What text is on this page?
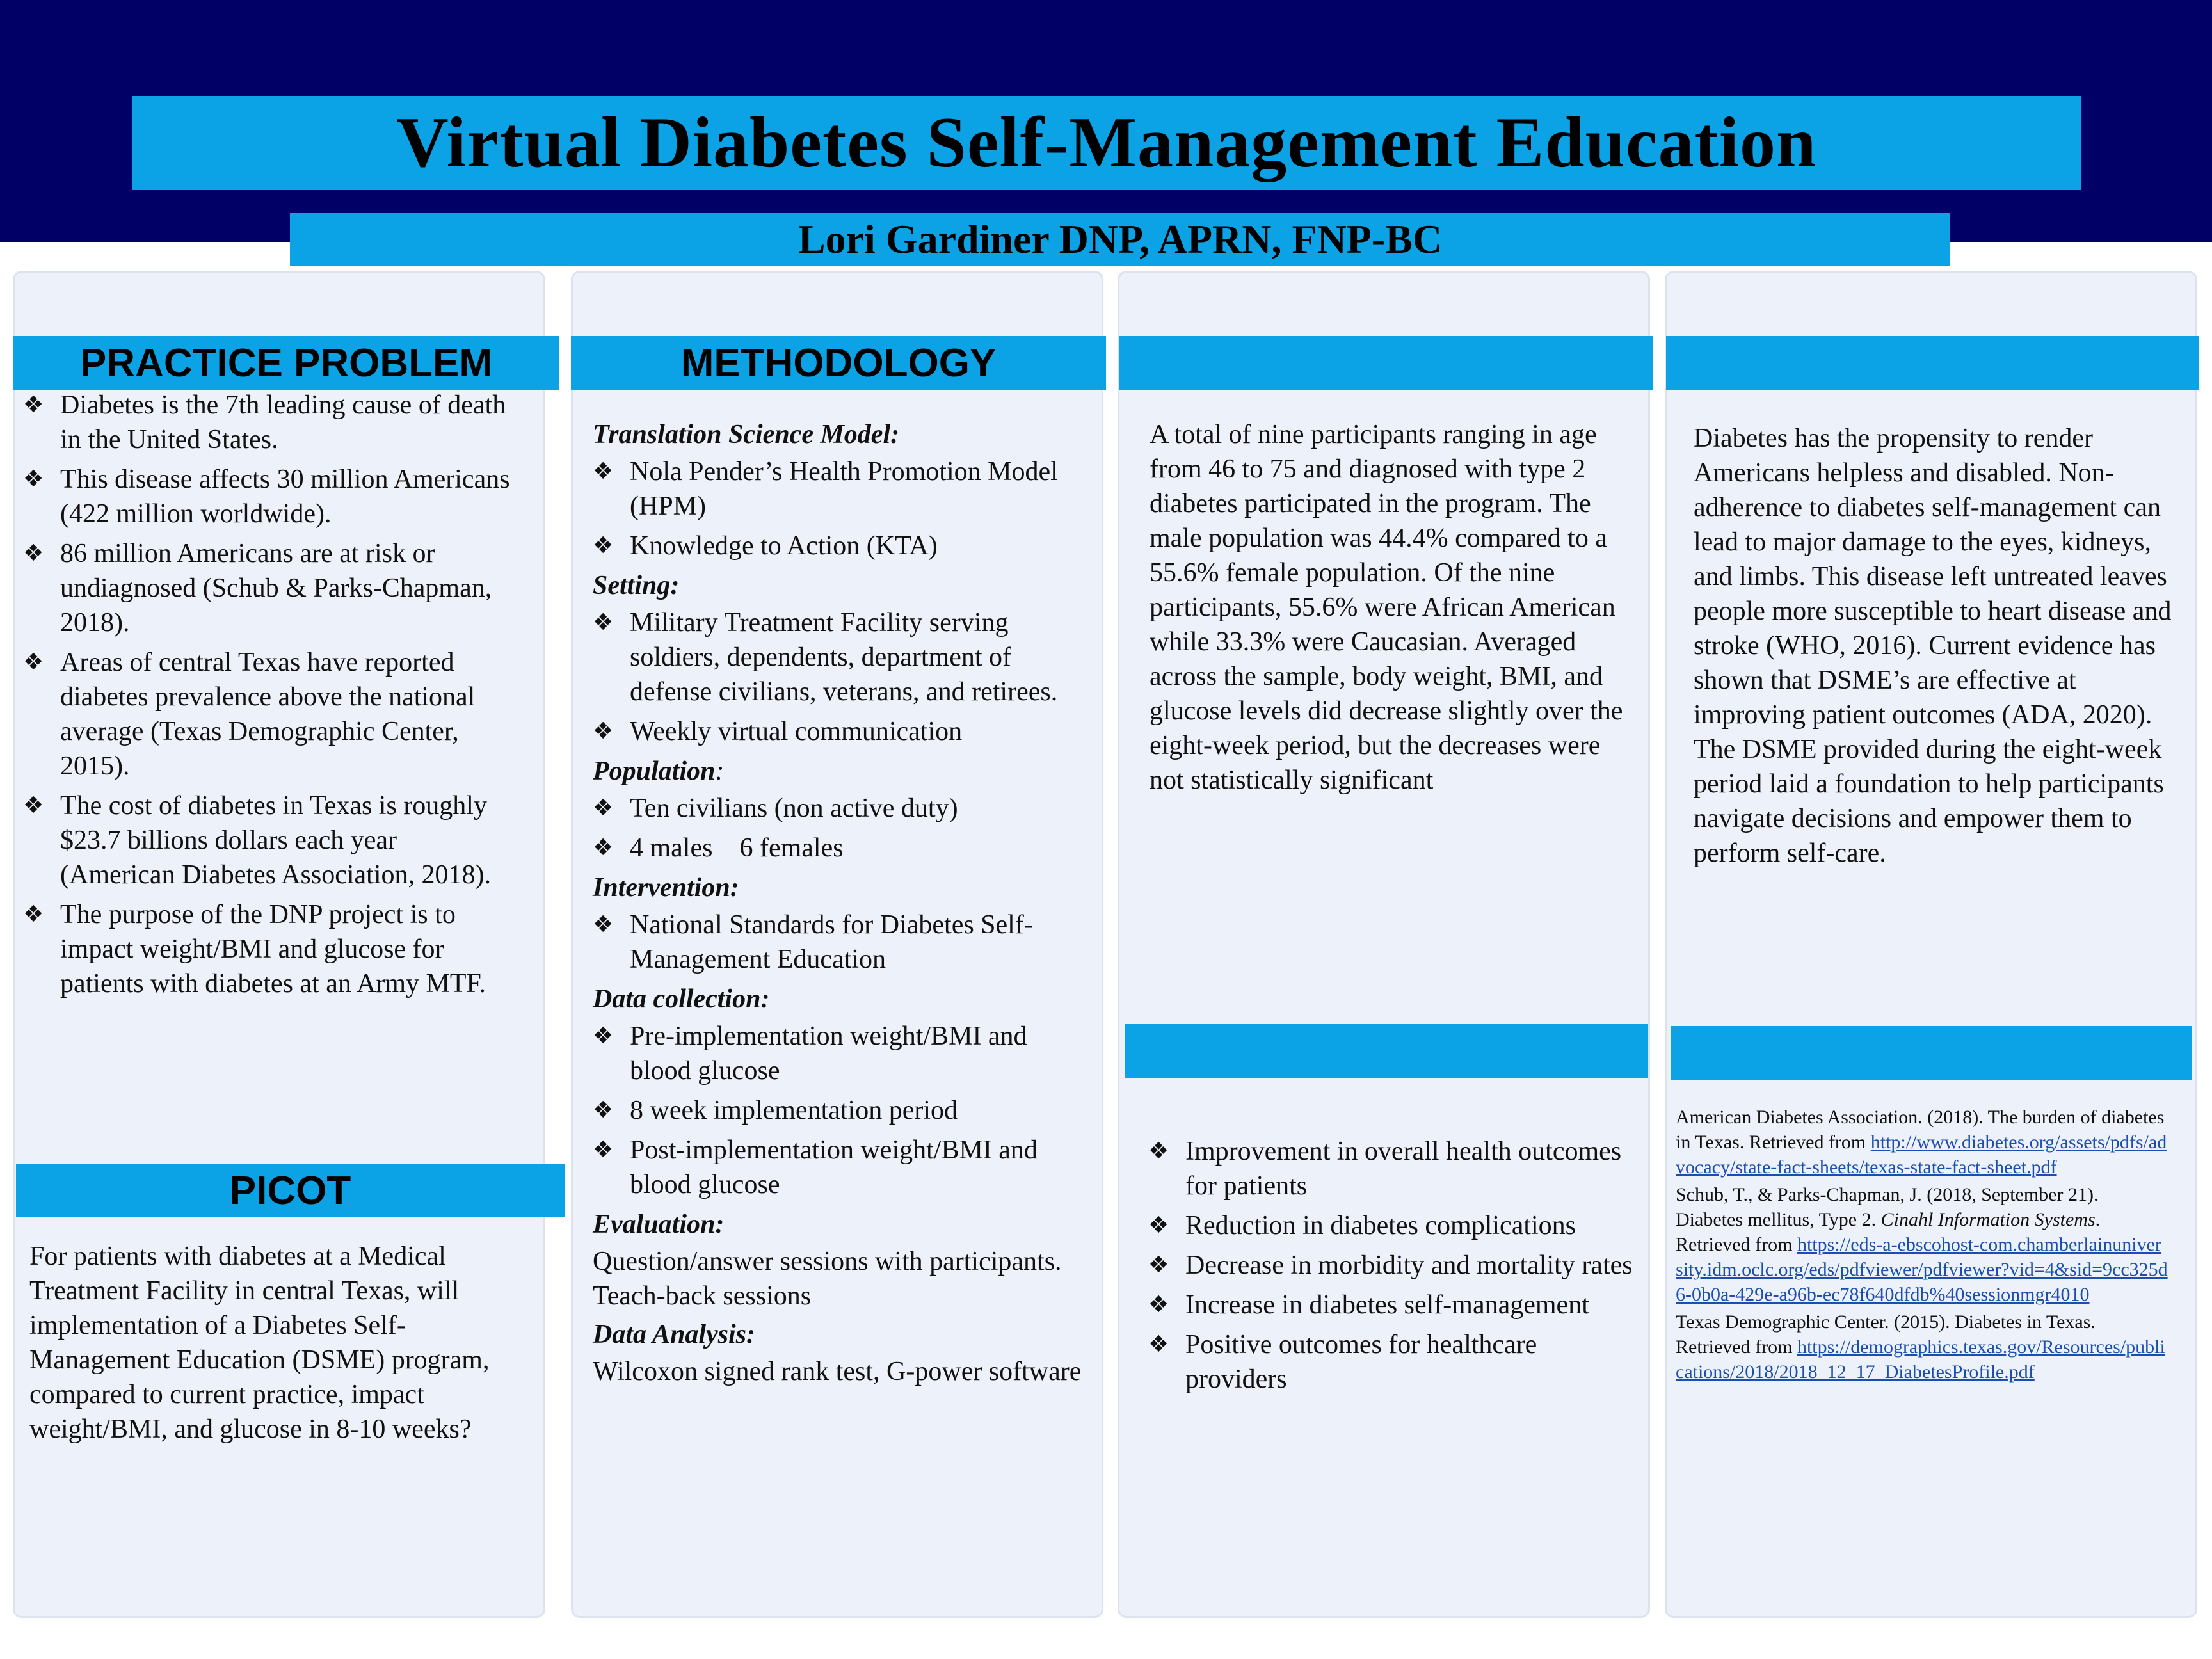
Virtual Diabetes Self-Management Education
Lori Gardiner DNP, APRN, FNP-BC
PRACTICE PROBLEM
❖ Diabetes is the 7th leading cause of death in the United States.
❖ This disease affects 30 million Americans (422 million worldwide).
❖ 86 million Americans are at risk or undiagnosed (Schub & Parks-Chapman, 2018).
❖ Areas of central Texas have reported diabetes prevalence above the national average (Texas Demographic Center, 2015).
❖ The cost of diabetes in Texas is roughly $23.7 billions dollars each year (American Diabetes Association, 2018).
❖ The purpose of the DNP project is to impact weight/BMI and glucose for patients with diabetes at an Army MTF.
PICOT
For patients with diabetes at a Medical Treatment Facility in central Texas, will implementation of a Diabetes Self-Management Education (DSME) program, compared to current practice, impact weight/BMI, and glucose in 8-10 weeks?
METHODOLOGY
Translation Science Model:
❖ Nola Pender’s Health Promotion Model (HPM)
❖ Knowledge to Action (KTA)
Setting:
❖ Military Treatment Facility serving soldiers, dependents, department of defense civilians, veterans, and retirees.
❖ Weekly virtual communication
Population:
❖ Ten civilians (non active duty)
❖ 4 males    6 females
Intervention:
❖ National Standards for Diabetes Self-Management Education
Data collection:
❖ Pre-implementation weight/BMI and blood glucose
❖ 8 week implementation period
❖ Post-implementation weight/BMI and blood glucose
Evaluation:

Question/answer sessions with participants. Teach-back sessions

Data Analysis:

Wilcoxon signed rank test, G-power software

A total of nine participants ranging in age from 46 to 75 and diagnosed with type 2 diabetes participated in the program. The male population was 44.4% compared to a 55.6% female population. Of the nine participants, 55.6% were African American while 33.3% were Caucasian. Averaged across the sample, body weight, BMI, and glucose levels did decrease slightly over the eight-week period, but the decreases were not statistically significant
❖ Improvement in overall health outcomes for patients
❖ Reduction in diabetes complications
❖ Decrease in morbidity and mortality rates
❖ Increase in diabetes self-management
❖ Positive outcomes for healthcare providers
Diabetes has the propensity to render Americans helpless and disabled. Non-adherence to diabetes self-management can lead to major damage to the eyes, kidneys, and limbs. This disease left untreated leaves people more susceptible to heart disease and stroke (WHO, 2016). Current evidence has shown that DSME’s are effective at improving patient outcomes (ADA, 2020). The DSME provided during the eight-week period laid a foundation to help participants navigate decisions and empower them to perform self-care.

American Diabetes Association. (2018). The burden of diabetes in Texas. Retrieved from http://www.diabetes.org/assets/pdfs/advocacy/state-fact-sheets/texas-state-fact-sheet.pdf

Schub, T., & Parks-Chapman, J. (2018, September 21). Diabetes mellitus, Type 2. Cinahl Information Systems. Retrieved from https://eds-a-ebscohost-com.chamberlainuniversity.idm.oclc.org/eds/pdfviewer/pdfviewer?vid=4&sid=9cc325d6-0b0a-429e-a96b-ec78f640dfdb%40sessionmgr4010

Texas Demographic Center. (2015). Diabetes in Texas. Retrieved from https://demographics.texas.gov/Resources/publications/2018/2018_12_17_DiabetesProfile.pdf
